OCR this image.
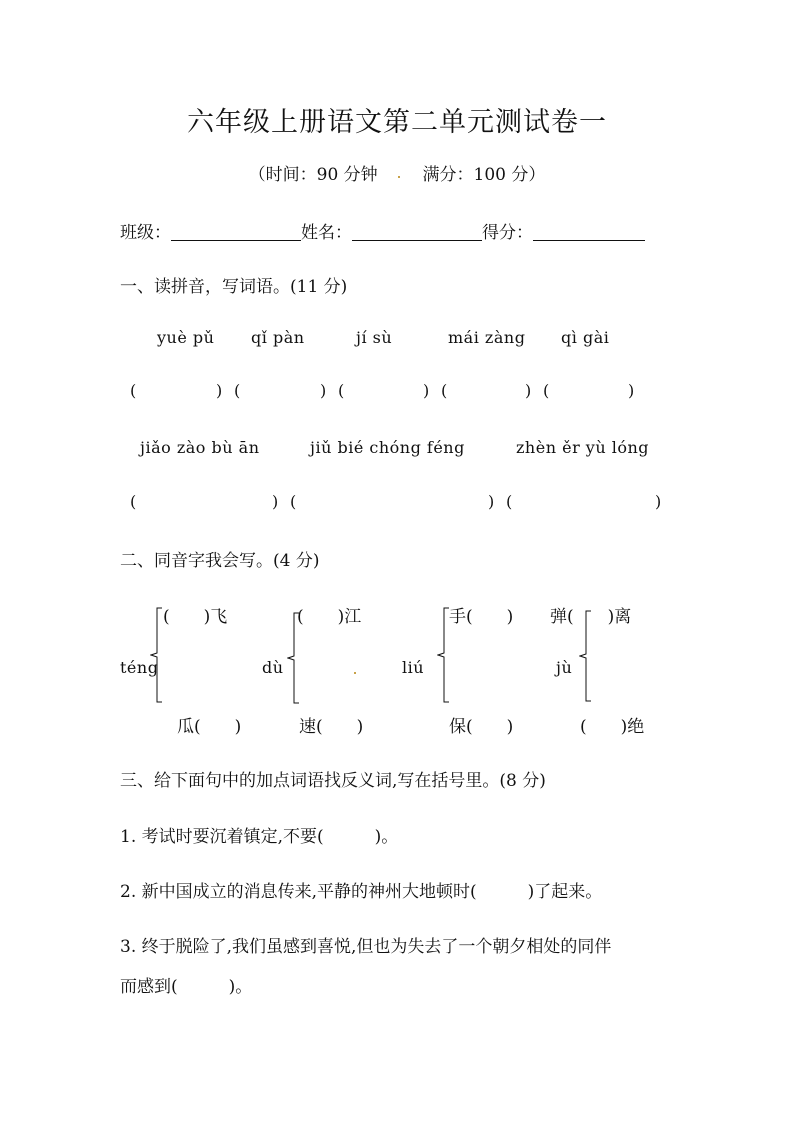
六年级上册语文第二单元测试卷一
（时间：90 分钟	满分：100 分）
班级：	姓名：	得分：
一、读拼音，写词语。(11 分)
yuè pǔ qǐ pàn	jí sù	mái zàng qì gài
(	) (	) (	) (	) (	)
jiǎo zào bù ān	jiǔ bié chóng féng	zhèn ěr yù lóng
(	) (	) (	)
二、同音字我会写。(4 分)
(　　)飞
téng
瓜(　　)
(　　)江
dù
速(　　)
手(　　)
liú
保(　　)
弹(　　)离
jù
(　　)绝
三、给下面句中的加点词语找反义词,写在括号里。(8 分)
1. 考试时要沉着镇定,不要(　　　)。
2. 新中国成立的消息传来,平静的神州大地顿时(　　　)了起来。
3. 终于脱险了,我们虽感到喜悦,但也为失去了一个朝夕相处的同伴
而感到(　　　)。
